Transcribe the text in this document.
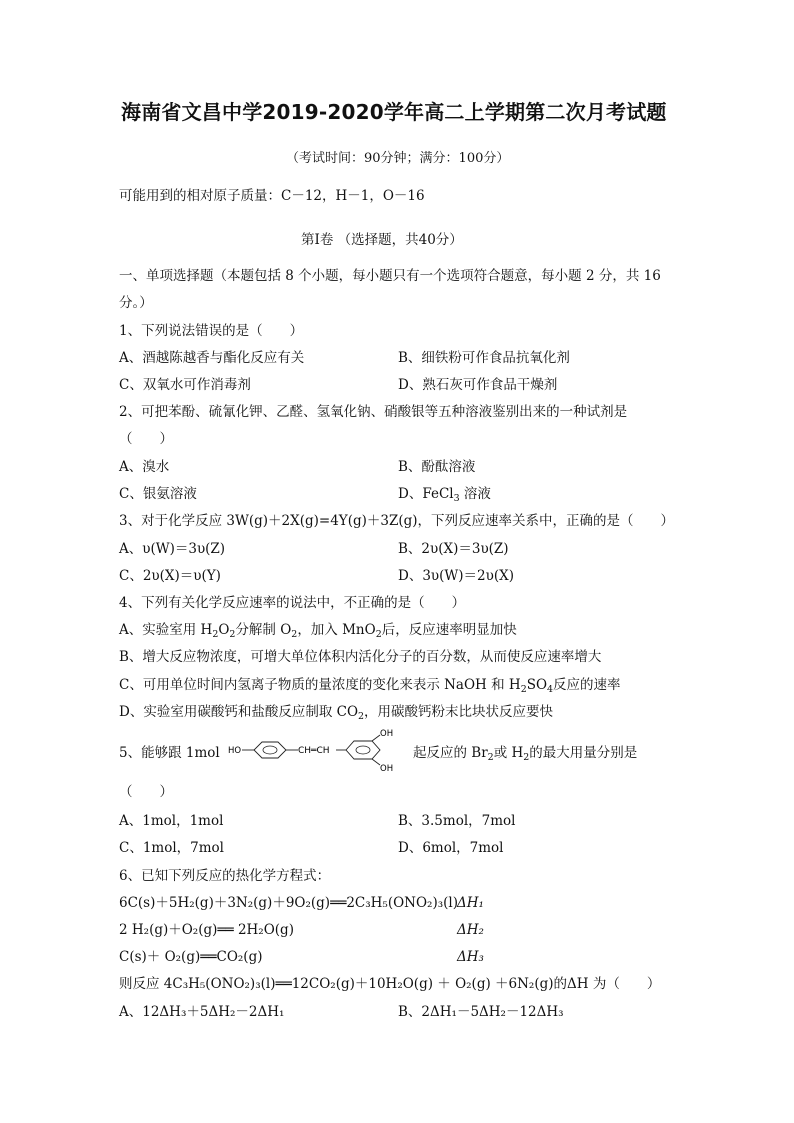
海南省文昌中学2019-2020学年高二上学期第二次月考试题
（考试时间：90分钟；满分：100分）
可能用到的相对原子质量：C－12，H－1，O－16
第Ⅰ卷 （选择题，共40分）
一、单项选择题（本题包括 8 个小题，每小题只有一个选项符合题意，每小题 2 分，共 16
分。）
1、下列说法错误的是（　　）
A、酒越陈越香与酯化反应有关	B、细铁粉可作食品抗氧化剂
C、双氧水可作消毒剂	D、熟石灰可作食品干燥剂
2、可把苯酚、硫氰化钾、乙醛、氢氧化钠、硝酸银等五种溶液鉴别出来的一种试剂是
（　　）
A、溴水	B、酚酞溶液
C、银氨溶液	D、FeCl$_3$ 溶液
3、对于化学反应 3W(g)＋2X(g)=4Y(g)＋3Z(g)，下列反应速率关系中，正确的是（　　）
A、υ(W)＝3υ(Z)	B、2υ(X)＝3υ(Z)
C、2υ(X)＝υ(Y)	D、3υ(W)＝2υ(X)
4、下列有关化学反应速率的说法中，不正确的是（　　）
A、实验室用 $H_2O_2$分解制 $O_2$，加入 MnO$_2$后，反应速率明显加快
B、增大反应物浓度，可增大单位体积内活化分子的百分数，从而使反应速率增大
C、可用单位时间内氢离子物质的量浓度的变化来表示 NaOH 和 $H_2SO_4$反应的速率
D、实验室用碳酸钙和盐酸反应制取 $CO_2$，用碳酸钙粉末比块状反应要快
5、能够跟 1mol HO	CH═CH
OH
OH
起反应的 $Br_2$或 $H_2$的最大用量分别是
（　　）
A、1mol，1mol	B、3.5mol，7mol
C、1mol，7mol	D、6mol，7mol
6、已知下列反应的热化学方程式：
6C(s)＋5H₂(g)＋3N₂(g)＋9O₂(g)══2C₃H₅(ONO₂)₃(l) ΔH₁
2 H₂(g)＋O₂(g)══ 2H₂O(g)	ΔH₂
C(s)＋ O₂(g)══CO₂(g)	ΔH₃
则反应 4C₃H₅(ONO₂)₃(l)══12CO₂(g)＋10H₂O(g) ＋ O₂(g) ＋6N₂(g)的ΔH 为（　　）
A、12ΔH₃＋5ΔH₂－2ΔH₁	B、2ΔH₁－5ΔH₂－12ΔH₃
